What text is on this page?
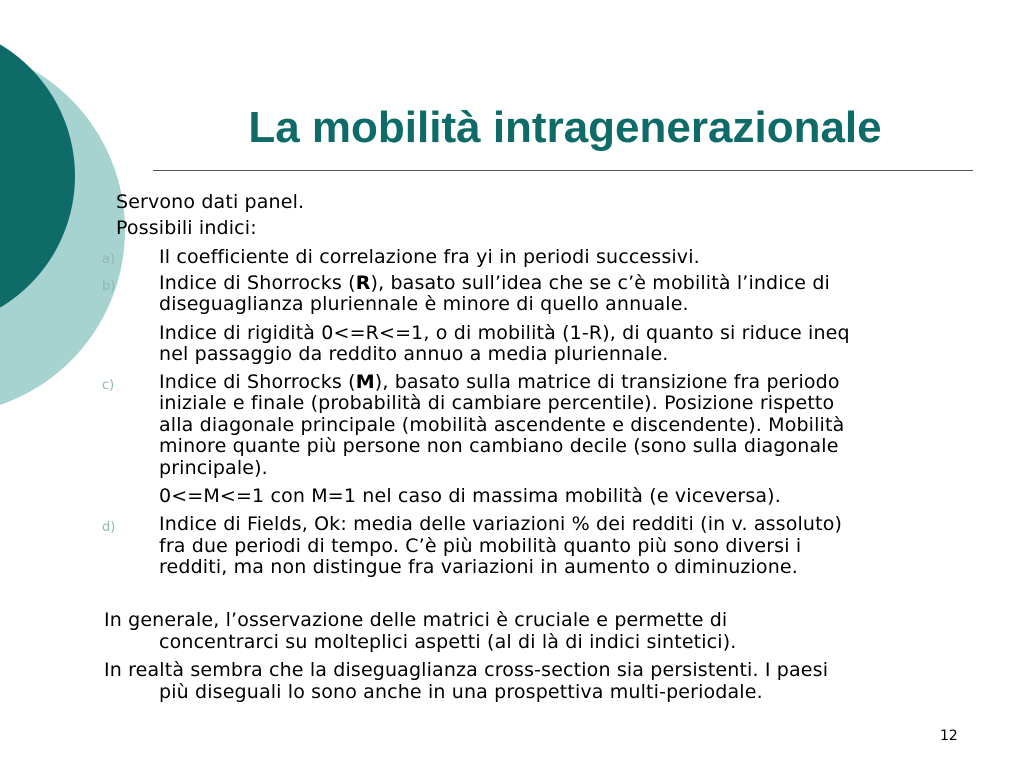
La mobilità intragenerazionale
Servono dati panel.
Possibili indici:
a) Il coefficiente di correlazione fra yi in periodi successivi.
b) Indice di Shorrocks (R), basato sull’idea che se c’è mobilità l’indice di
diseguaglianza pluriennale è minore di quello annuale.
Indice di rigidità 0<=R<=1, o di mobilità (1-R), di quanto si riduce ineq
nel passaggio da reddito annuo a media pluriennale.
c) Indice di Shorrocks (M), basato sulla matrice di transizione fra periodo
iniziale e finale (probabilità di cambiare percentile). Posizione rispetto
alla diagonale principale (mobilità ascendente e discendente). Mobilità
minore quante più persone non cambiano decile (sono sulla diagonale
principale).
0<=M<=1 con M=1 nel caso di massima mobilità (e viceversa).
d) Indice di Fields, Ok: media delle variazioni % dei redditi (in v. assoluto)
fra due periodi di tempo. C’è più mobilità quanto più sono diversi i
redditi, ma non distingue fra variazioni in aumento o diminuzione.
In generale, l’osservazione delle matrici è cruciale e permette di
concentrarci su molteplici aspetti (al di là di indici sintetici).
In realtà sembra che la diseguaglianza cross-section sia persistenti. I paesi
più diseguali lo sono anche in una prospettiva multi-periodale.
12
